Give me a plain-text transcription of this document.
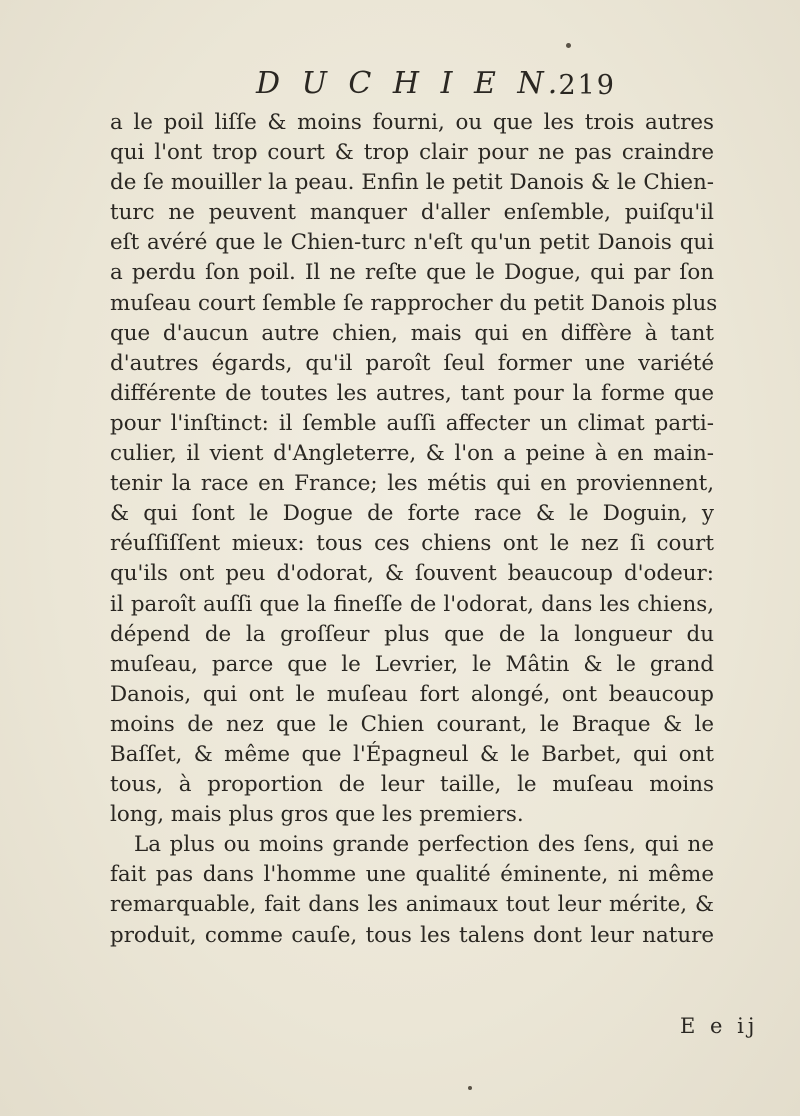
D U C H I E N.
219
a le poil liſſe & moins fourni, ou que les trois autres
qui l'ont trop court & trop clair pour ne pas craindre
de ſe mouiller la peau. Enfin le petit Danois & le Chien-
turc ne peuvent manquer d'aller enſemble, puiſqu'il
eſt avéré que le Chien-turc n'eſt qu'un petit Danois qui
a perdu ſon poil. Il ne reſte que le Dogue, qui par ſon
muſeau court ſemble ſe rapprocher du petit Danois plus
que d'aucun autre chien, mais qui en diffère à tant
d'autres égards, qu'il paroît ſeul former une variété
différente de toutes les autres, tant pour la forme que
pour l'inſtinct: il ſemble auſſi affecter un climat parti-
culier, il vient d'Angleterre, & l'on a peine à en main-
tenir la race en France; les métis qui en proviennent,
& qui ſont le Dogue de forte race & le Doguin, y
réuſſiſſent mieux: tous ces chiens ont le nez ſi court
qu'ils ont peu d'odorat, & ſouvent beaucoup d'odeur:
il paroît auſſi que la fineſſe de l'odorat, dans les chiens,
dépend de la groſſeur plus que de la longueur du
muſeau, parce que le Levrier, le Mâtin & le grand
Danois, qui ont le muſeau fort alongé, ont beaucoup
moins de nez que le Chien courant, le Braque & le
Baſſet, & même que l'Épagneul & le Barbet, qui ont
tous, à proportion de leur taille, le muſeau moins
long, mais plus gros que les premiers.
La plus ou moins grande perfection des ſens, qui ne
fait pas dans l'homme une qualité éminente, ni même
remarquable, fait dans les animaux tout leur mérite, &
produit, comme cauſe, tous les talens dont leur nature
E e ij
